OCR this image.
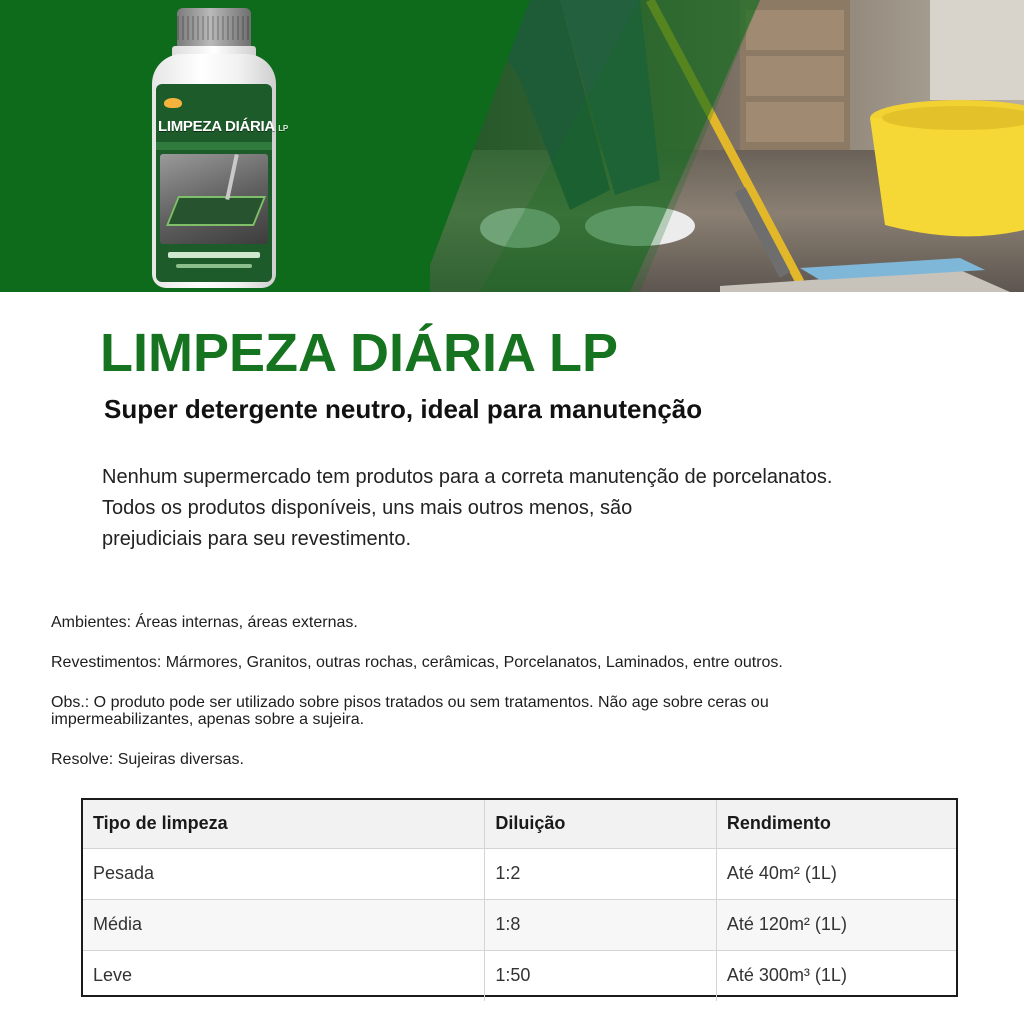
LIMPEZA DIÁRIA LP
LIMPEZA DIÁRIA LP
Super detergente neutro, ideal para manutenção

Nenhum supermercado tem produtos para a correta manutenção de porcelanatos.

Todos os produtos disponíveis, uns mais outros menos, são

prejudiciais para seu revestimento.

Ambientes: Áreas internas, áreas externas.

Revestimentos: Mármores, Granitos, outras rochas, cerâmicas, Porcelanatos, Laminados, entre outros.

Obs.: O produto pode ser utilizado sobre pisos tratados ou sem tratamentos. Não age sobre ceras ou

impermeabilizantes, apenas sobre a sujeira.

Resolve: Sujeiras diversas.

Tipo de limpeza	Diluição	Rendimento
Pesada	1:2	Até 40m² (1L)
Média	1:8	Até 120m² (1L)
Leve	1:50	Até 300m³ (1L)
